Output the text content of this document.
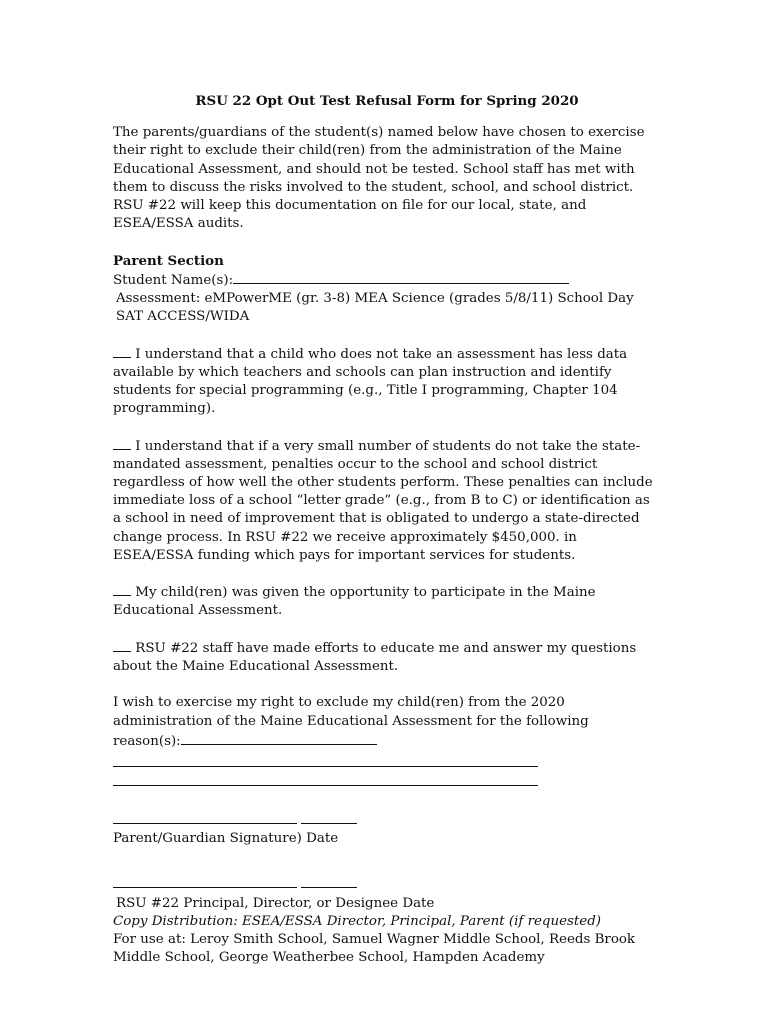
RSU 22 Opt Out Test Refusal Form for Spring 2020

The parents/guardians of the student(s) named below have chosen to exercise their right to exclude their child(ren) from the administration of the Maine Educational Assessment, and should not be tested. School staff has met with them to discuss the risks involved to the student, school, and school district. RSU #22 will keep this documentation on file for our local, state, and ESEA/ESSA audits.

Parent Section

Student Name(s):

Assessment: eMPowerME (gr. 3-8) MEA Science (grades 5/8/11) School Day SAT ACCESS/WIDA

I understand that a child who does not take an assessment has less data available by which teachers and schools can plan instruction and identify students for special programming (e.g., Title I programming, Chapter 104 programming).

I understand that if a very small number of students do not take the state-mandated assessment, penalties occur to the school and school district regardless of how well the other students perform. These penalties can include immediate loss of a school “letter grade” (e.g., from B to C) or identification as a school in need of improvement that is obligated to undergo a state-directed change process. In RSU #22 we receive approximately $450,000. in ESEA/ESSA funding which pays for important services for students.

My child(ren) was given the opportunity to participate in the Maine Educational Assessment.

RSU #22 staff have made efforts to educate me and answer my questions about the Maine Educational Assessment.

I wish to exercise my right to exclude my child(ren) from the 2020 administration of the Maine Educational Assessment for the following

reason(s):

Parent/Guardian Signature) Date

RSU #22 Principal, Director, or Designee Date

Copy Distribution: ESEA/ESSA Director, Principal, Parent (if requested)

For use at: Leroy Smith School, Samuel Wagner Middle School, Reeds Brook Middle School, George Weatherbee School, Hampden Academy
